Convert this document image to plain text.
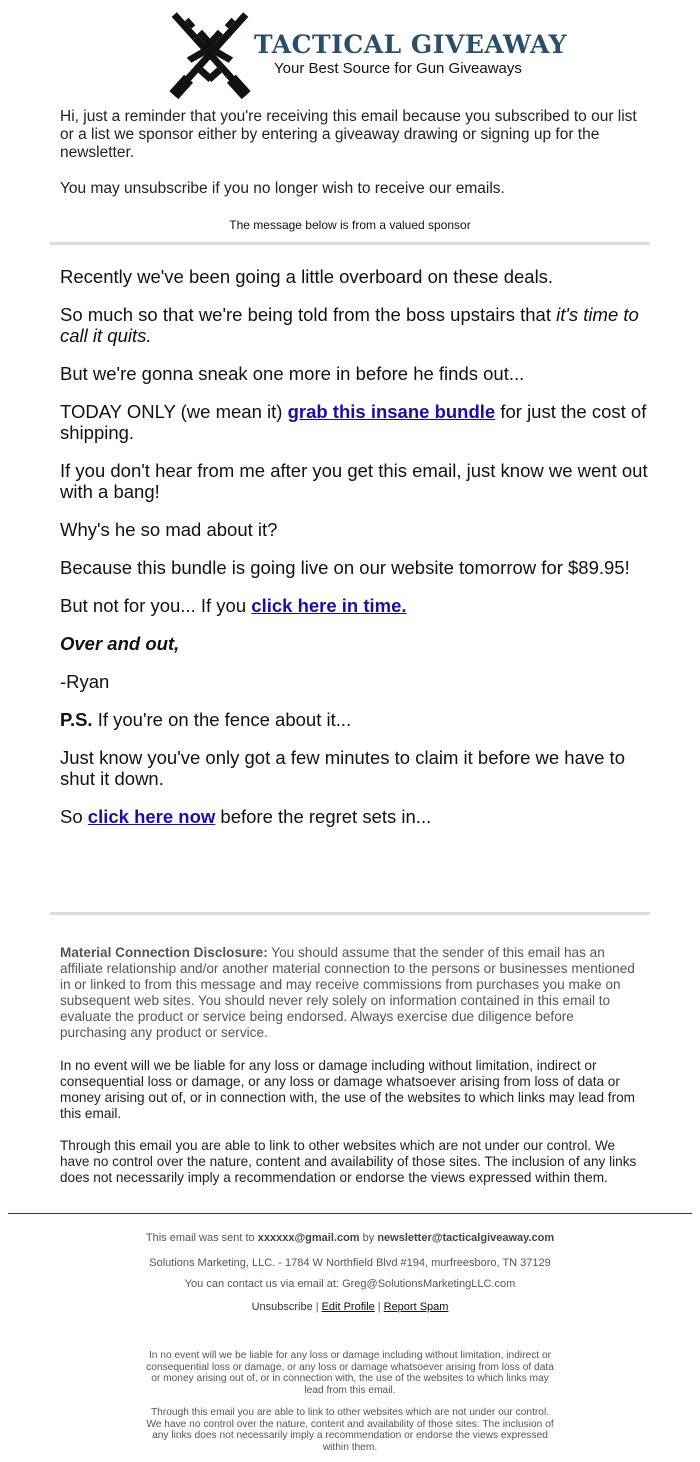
TACTICAL GIVEAWAY
Your Best Source for Gun Giveaways

Hi, just a reminder that you're receiving this email because you subscribed to our list or a list we sponsor either by entering a giveaway drawing or signing up for the newsletter.

You may unsubscribe if you no longer wish to receive our emails.

The message below is from a valued sponsor

Recently we've been going a little overboard on these deals.

So much so that we're being told from the boss upstairs that it's time to call it quits.

But we're gonna sneak one more in before he finds out...

TODAY ONLY (we mean it) grab this insane bundle for just the cost of shipping.

If you don't hear from me after you get this email, just know we went out with a bang!

Why's he so mad about it?

Because this bundle is going live on our website tomorrow for $89.95!

But not for you... If you click here in time.

Over and out,

-Ryan

P.S. If you're on the fence about it...

Just know you've only got a few minutes to claim it before we have to shut it down.

So click here now before the regret sets in...

Material Connection Disclosure: You should assume that the sender of this email has an affiliate relationship and/or another material connection to the persons or businesses mentioned in or linked to from this message and may receive commissions from purchases you make on subsequent web sites. You should never rely solely on information contained in this email to evaluate the product or service being endorsed. Always exercise due diligence before purchasing any product or service.

In no event will we be liable for any loss or damage including without limitation, indirect or consequential loss or damage, or any loss or damage whatsoever arising from loss of data or money arising out of, or in connection with, the use of the websites to which links may lead from this email.

Through this email you are able to link to other websites which are not under our control. We have no control over the nature, content and availability of those sites. The inclusion of any links does not necessarily imply a recommendation or endorse the views expressed within them.

This email was sent to xxxxxx@gmail.com by newsletter@tacticalgiveaway.com
Solutions Marketing, LLC. - 1784 W Northfield Blvd #194, murfreesboro, TN 37129
You can contact us via email at: Greg@SolutionsMarketingLLC.com
Unsubscribe | Edit Profile | Report Spam
In no event will we be liable for any loss or damage including without limitation, indirect or consequential loss or damage, or any loss or damage whatsoever arising from loss of data or money arising out of, or in connection with, the use of the websites to which links may lead from this email.
Through this email you are able to link to other websites which are not under our control. We have no control over the nature, content and availability of those sites. The inclusion of any links does not necessarily imply a recommendation or endorse the views expressed within them.
